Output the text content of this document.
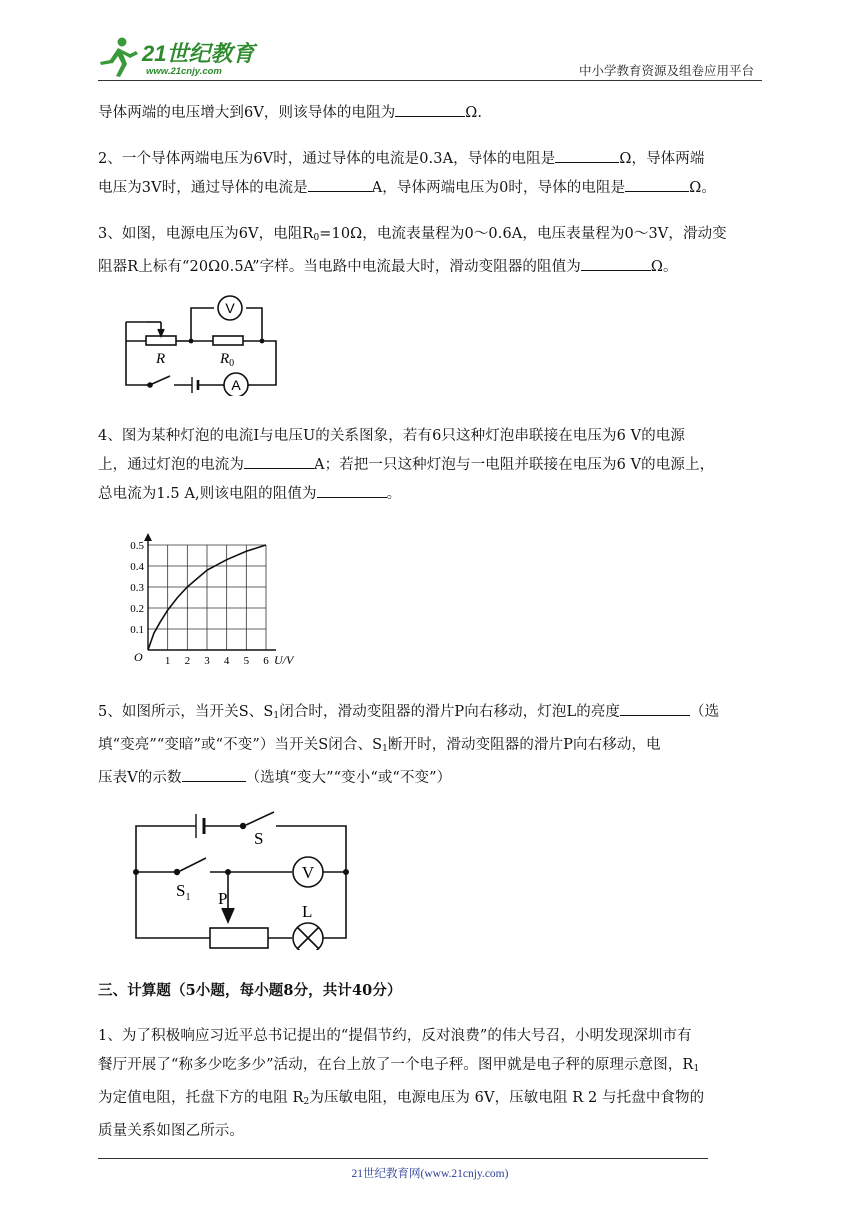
21世纪教育
www.21cnjy.com	中小学教育资源及组卷应用平台
导体两端的电压增大到6V，则该导体的电阻为	Ω.
2、一个导体两端电压为6V时，通过导体的电流是0.3A，导体的电阻是	Ω，导体两端
电压为3V时，通过导体的电流是	A，导体两端电压为0时，导体的电阻是	Ω。
3、如图，电源电压为6V，电阻$R_0=10\Omega$，电流表量程为0～0.6A，电压表量程为0～3V，滑动变
阻器R上标有“20Ω0.5A”字样。当电路中电流最大时，滑动变阻器的阻值为	Ω。
V
A
R	$R_0$
4、图为某种灯泡的电流I与电压U的关系图象，若有6只这种灯泡串联接在电压为6 V的电源
上，通过灯泡的电流为	A；若把一只这种灯泡与一电阻并联接在电压为6 V的电源上，
总电流为1.5 A,则该电阻的阻值为	。
0.5
0.4
0.3
0.2
0.1
1 2 3 4 5 6
O	U/V
5、如图所示，当开关S、$S_1$闭合时，滑动变阻器的滑片P向右移动，灯泡L的亮度	（选
填“变亮”“变暗”或“不变”）当开关S闭合、$S_1$断开时，滑动变阻器的滑片P向右移动，电
压表V的示数	（选填“变大”“变小“或“不变”）
S
$S_1$ P
L
V
三、计算题（5小题，每小题8分，共计40分）
1、为了积极响应习近平总书记提出的“提倡节约，反对浪费”的伟大号召，小明发现深圳市有
餐厅开展了“称多少吃多少”活动，在台上放了一个电子秤。图甲就是电子秤的原理示意图，$R_1$
为定值电阻，托盘下方的电阻 $R_2$为压敏电阻，电源电压为 6V，压敏电阻 R 2 与托盘中食物的
质量关系如图乙所示。
21世纪教育网(www.21cnjy.com)
